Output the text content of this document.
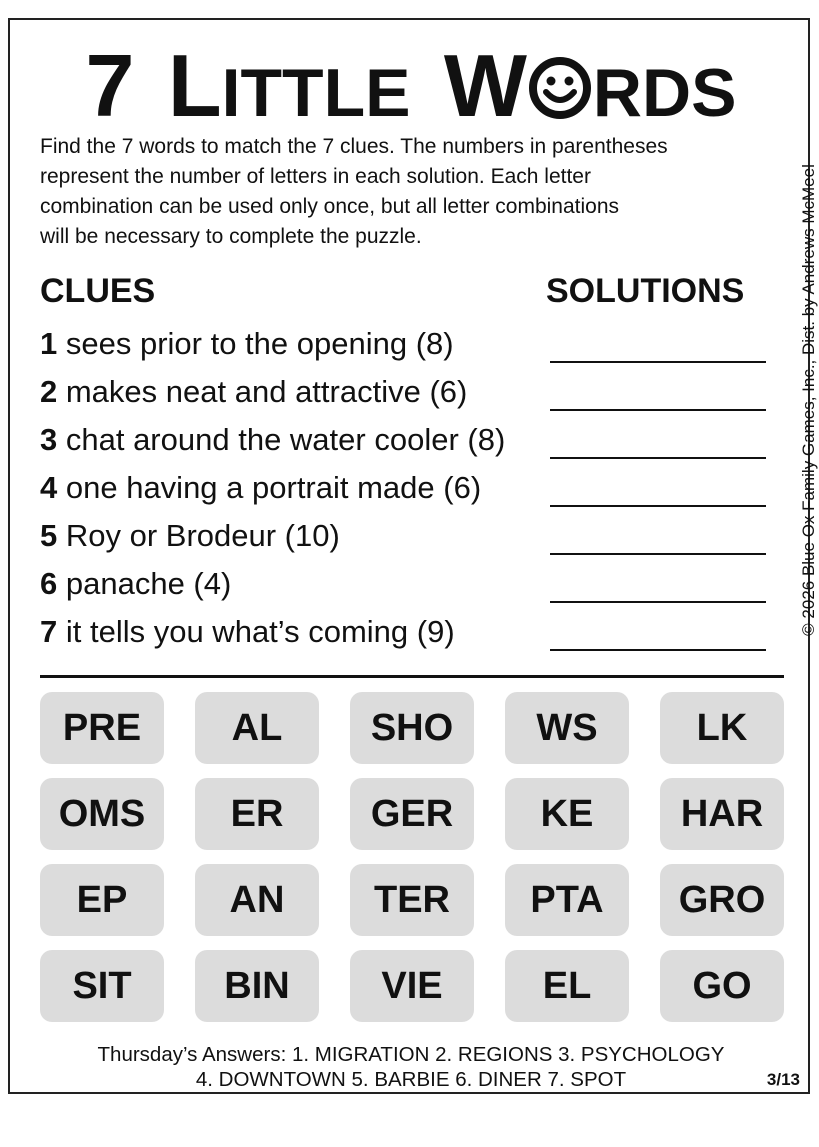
7 LITTLE W RDS
Find the 7 words to match the 7 clues. The numbers in parentheses
represent the number of letters in each solution. Each letter
combination can be used only once, but all letter combinations
will be necessary to complete the puzzle.	© 2026 Blue Ox Family Games, Inc., Dist. by Andrews McMeel
CLUES	SOLUTIONS
1 sees prior to the opening (8)
2 makes neat and attractive (6)
3 chat around the water cooler (8)
4 one having a portrait made (6)
5 Roy or Brodeur (10)
6 panache (4)
7 it tells you what’s coming (9)
PRE	AL	SHO	WS	LK
OMS	ER	GER	KE	HAR
EP	AN	TER	PTA	GRO
SIT	BIN	VIE	EL	GO
Thursday’s Answers: 1. MIGRATION 2. REGIONS 3. PSYCHOLOGY
4. DOWNTOWN 5. BARBIE 6. DINER 7. SPOT	3/13
